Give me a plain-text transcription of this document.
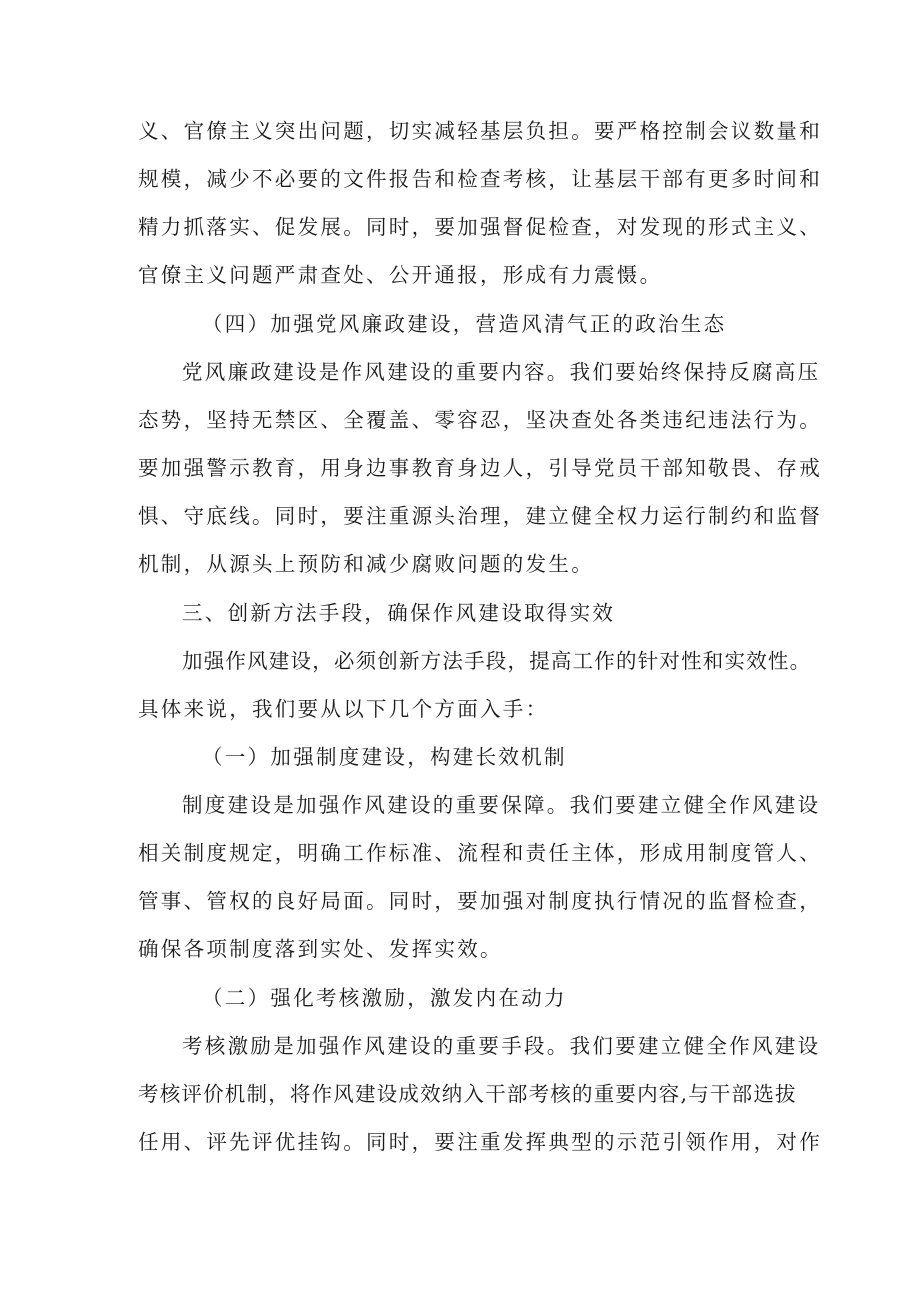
义、官僚主义突出问题，切实减轻基层负担。要严格控制会议数量和
规模，减少不必要的文件报告和检查考核，让基层干部有更多时间和
精力抓落实、促发展。同时，要加强督促检查，对发现的形式主义、
官僚主义问题严肃查处、公开通报，形成有力震慑。
（四）加强党风廉政建设，营造风清气正的政治生态
党风廉政建设是作风建设的重要内容。我们要始终保持反腐高压
态势，坚持无禁区、全覆盖、零容忍，坚决查处各类违纪违法行为。
要加强警示教育，用身边事教育身边人，引导党员干部知敬畏、存戒
惧、守底线。同时，要注重源头治理，建立健全权力运行制约和监督
机制，从源头上预防和减少腐败问题的发生。
三、创新方法手段，确保作风建设取得实效
加强作风建设，必须创新方法手段，提高工作的针对性和实效性。
具体来说，我们要从以下几个方面入手：
（一）加强制度建设，构建长效机制
制度建设是加强作风建设的重要保障。我们要建立健全作风建设
相关制度规定，明确工作标准、流程和责任主体，形成用制度管人、
管事、管权的良好局面。同时，要加强对制度执行情况的监督检查，
确保各项制度落到实处、发挥实效。
（二）强化考核激励，激发内在动力
考核激励是加强作风建设的重要手段。我们要建立健全作风建设
考核评价机制，将作风建设成效纳入干部考核的重要内容,与干部选拔
任用、评先评优挂钩。同时，要注重发挥典型的示范引领作用，对作
